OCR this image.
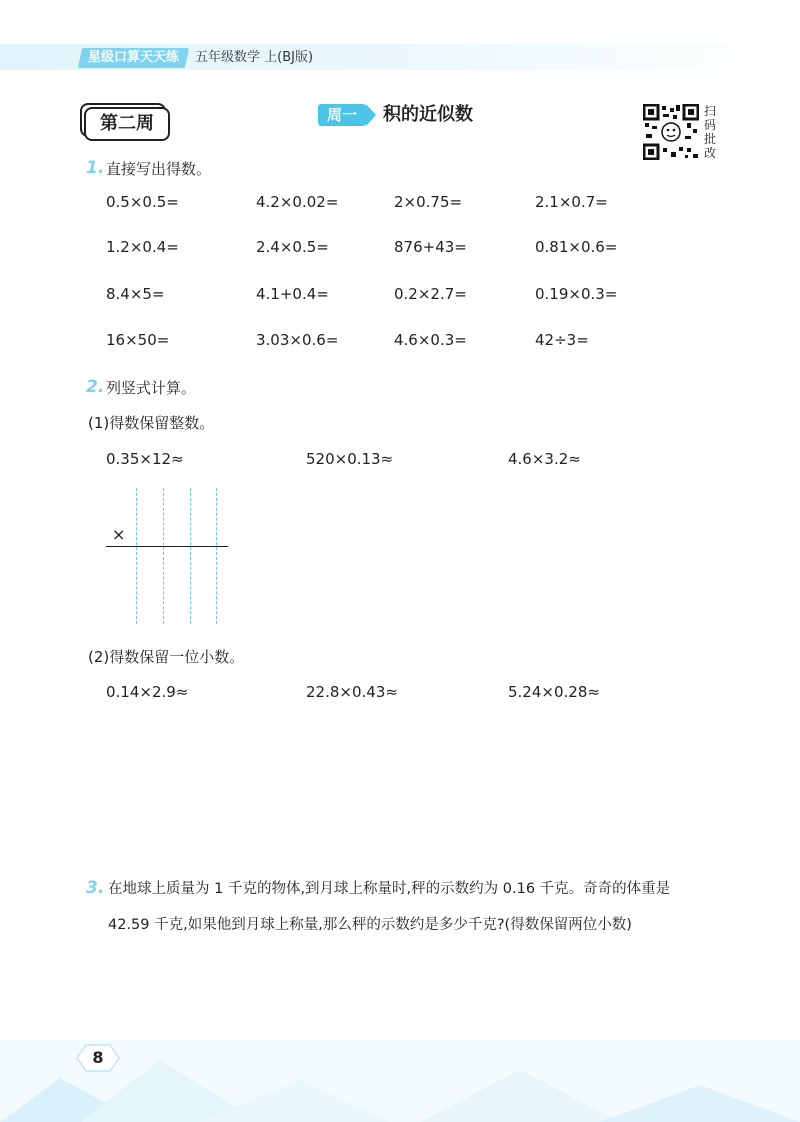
星级口算天天练	五年级数学 上(BJ版)
第二周	周一	积的近似数	扫
码
批
改
1. 直接写出得数。
0.5×0.5=	4.2×0.02=	2×0.75=	2.1×0.7=
1.2×0.4=	2.4×0.5=	876+43=	0.81×0.6=
8.4×5=	4.1+0.4=	0.2×2.7=	0.19×0.3=
16×50=	3.03×0.6=	4.6×0.3=	42÷3=
2. 列竖式计算。
(1)得数保留整数。
0.35×12≈	520×0.13≈	4.6×3.2≈
×
(2)得数保留一位小数。
0.14×2.9≈	22.8×0.43≈	5.24×0.28≈
3. 在地球上质量为 1 千克的物体,到月球上称量时,秤的示数约为 0.16 千克。奇奇的体重是
42.59 千克,如果他到月球上称量,那么秤的示数约是多少千克?(得数保留两位小数)
8
